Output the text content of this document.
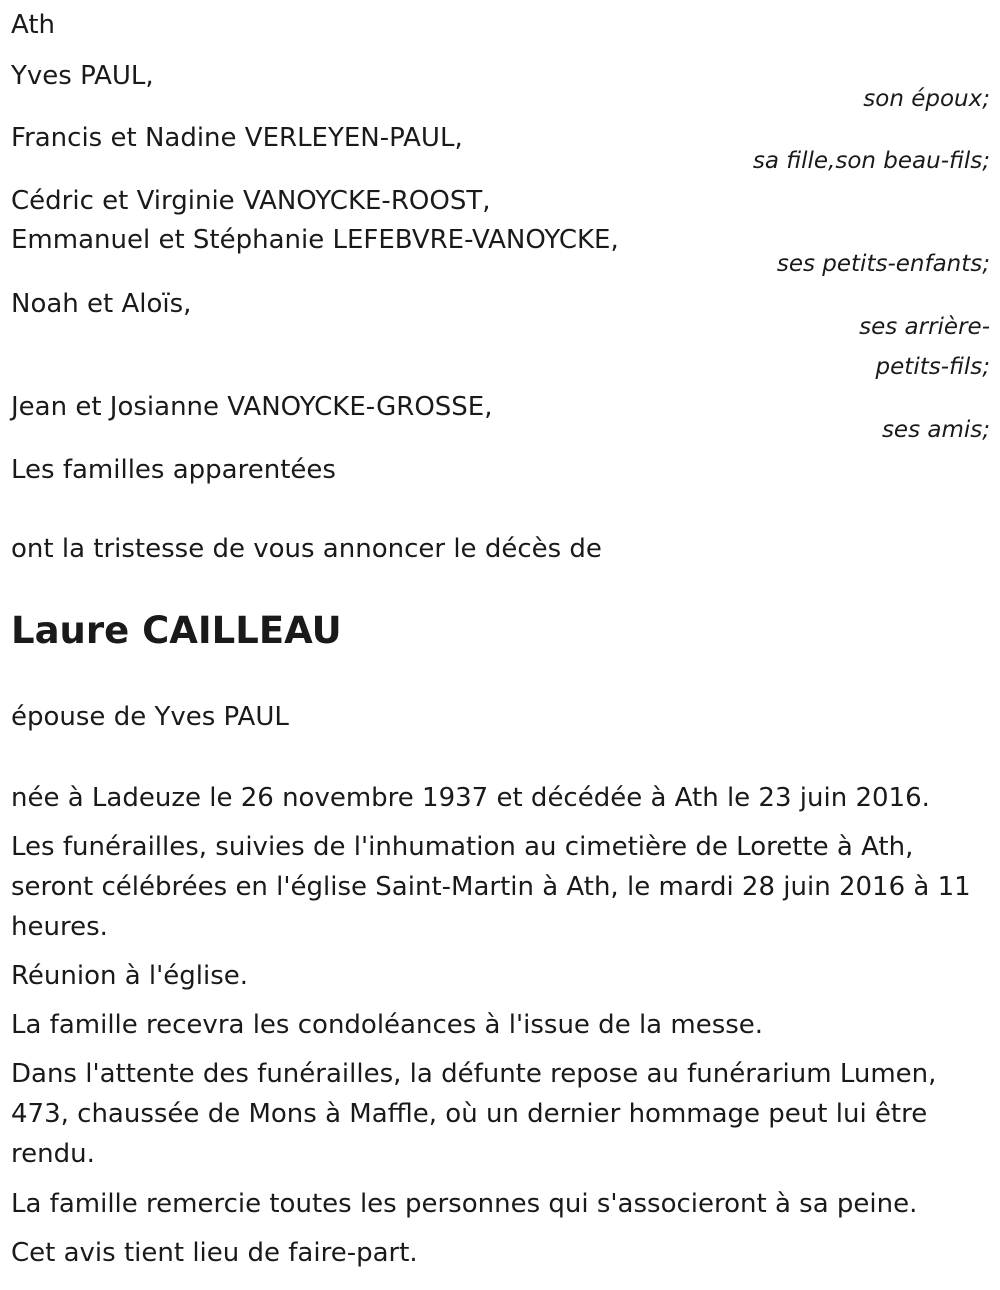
Ath
Yves PAUL,
son époux;
Francis et Nadine VERLEYEN-PAUL,
sa fille,son beau-fils;
Cédric et Virginie VANOYCKE-ROOST,
Emmanuel et Stéphanie LEFEBVRE-VANOYCKE,
ses petits-enfants;
Noah et Aloïs,
ses arrière-
petits-fils;
Jean et Josianne VANOYCKE-GROSSE,
ses amis;
Les familles apparentées
ont la tristesse de vous annoncer le décès de
Laure CAILLEAU
épouse de Yves PAUL
née à Ladeuze le 26 novembre 1937 et décédée à Ath le 23 juin 2016.
Les funérailles, suivies de l'inhumation au cimetière de Lorette à Ath, seront célébrées en l'église Saint-Martin à Ath, le mardi 28 juin 2016 à 11 heures.
Réunion à l'église.
La famille recevra les condoléances à l'issue de la messe.
Dans l'attente des funérailles, la défunte repose au funérarium Lumen, 473, chaussée de Mons à Maffle, où un dernier hommage peut lui être rendu.
La famille remercie toutes les personnes qui s'associeront à sa peine.
Cet avis tient lieu de faire-part.
